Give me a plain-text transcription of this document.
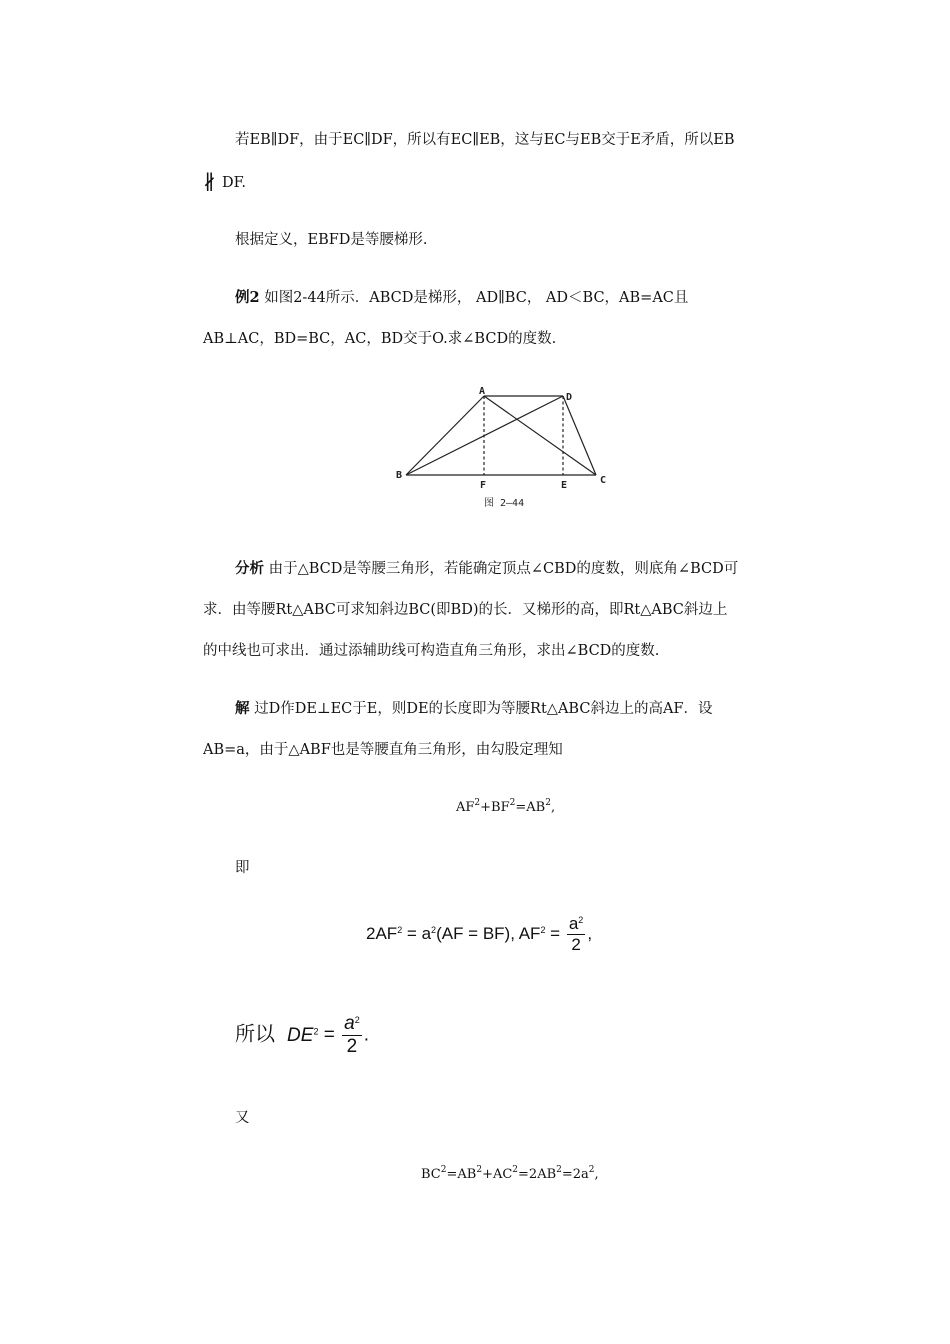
若EB∥DF，由于EC∥DF，所以有EC∥EB，这与EC与EB交于E矛盾，所以EB
∦ DF.
根据定义，EBFD是等腰梯形.
例2 如图2-44所示．ABCD是梯形， AD∥BC， AD＜BC，AB=AC且
AB⊥AC，BD=BC，AC，BD交于O.求∠BCD的度数.
A
D
B	C
F	E
图 2—44
分析 由于△BCD是等腰三角形，若能确定顶点∠CBD的度数，则底角∠BCD可
求．由等腰Rt△ABC可求知斜边BC(即BD)的长．又梯形的高，即Rt△ABC斜边上
的中线也可求出．通过添辅助线可构造直角三角形，求出∠BCD的度数.
解 过D作DE⊥EC于E，则DE的长度即为等腰Rt△ABC斜边上的高AF．设
AB=a，由于△ABF也是等腰直角三角形，由勾股定理知
$AF^2+BF^2=AB^2$,
即
$2AF^2 = a^2(AF = BF)$, $AF^2 = \frac{a^2}{2}$ ,
所以 $DE^2 = \frac{a^2}{2}$ .
又
$BC^2=AB^2+AC^2=2AB^2=2a^2$,
